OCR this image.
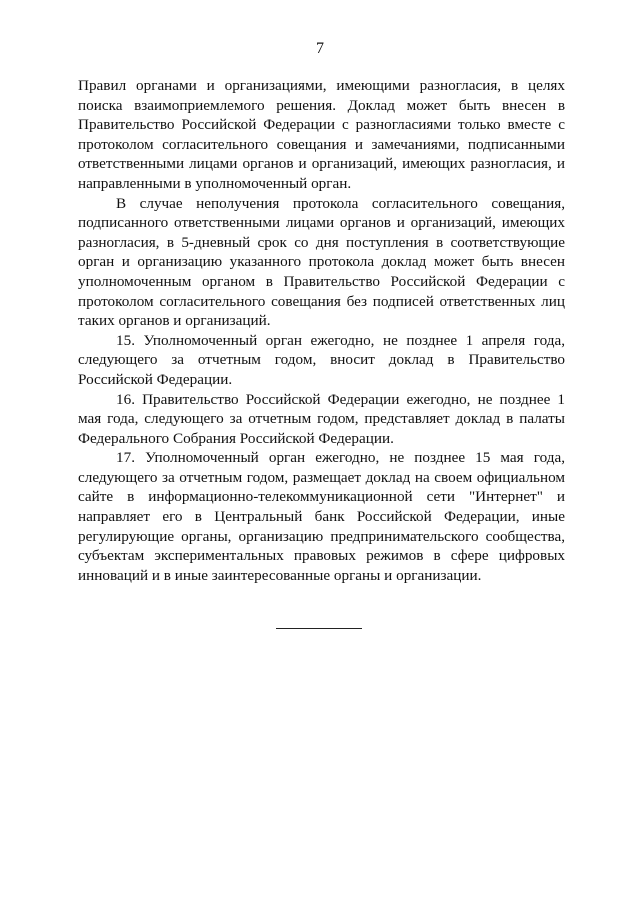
7

Правил органами и организациями, имеющими разногласия, в целях поиска взаимоприемлемого решения. Доклад может быть внесен в Правительство Российской Федерации с разногласиями только вместе с протоколом согласительного совещания и замечаниями, подписанными ответственными лицами органов и организаций, имеющих разногласия, и направленными в уполномоченный орган.

В случае неполучения протокола согласительного совещания, подписанного ответственными лицами органов и организаций, имеющих разногласия, в 5-дневный срок со дня поступления в соответствующие орган и организацию указанного протокола доклад может быть внесен уполномоченным органом в Правительство Российской Федерации с протоколом согласительного совещания без подписей ответственных лиц таких органов и организаций.

15. Уполномоченный орган ежегодно, не позднее 1 апреля года, следующего за отчетным годом, вносит доклад в Правительство Российской Федерации.

16. Правительство Российской Федерации ежегодно, не позднее 1 мая года, следующего за отчетным годом, представляет доклад в палаты Федерального Собрания Российской Федерации.

17. Уполномоченный орган ежегодно, не позднее 15 мая года, следующего за отчетным годом, размещает доклад на своем официальном сайте в информационно-телекоммуникационной сети "Интернет" и направляет его в Центральный банк Российской Федерации, иные регулирующие органы, организацию предпринимательского сообщества, субъектам экспериментальных правовых режимов в сфере цифровых инноваций и в иные заинтересованные органы и организации.
